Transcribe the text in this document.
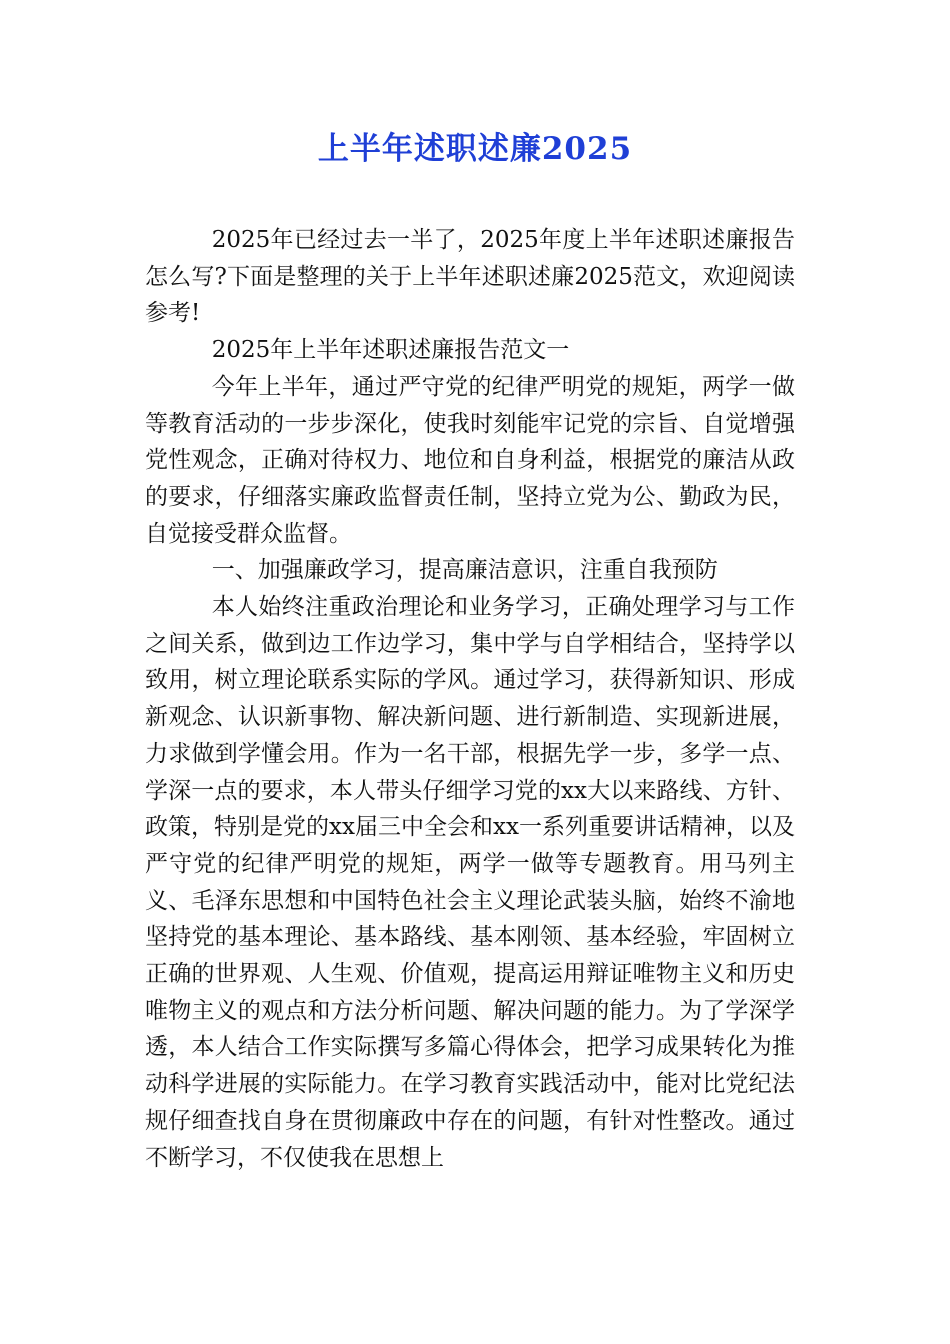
上半年述职述廉2025

2025年已经过去一半了，2025年度上半年述职述廉报告怎么写?下面是整理的关于上半年述职述廉2025范文，欢迎阅读参考!

2025年上半年述职述廉报告范文一

今年上半年，通过严守党的纪律严明党的规矩，两学一做等教育活动的一步步深化，使我时刻能牢记党的宗旨、自觉增强党性观念，正确对待权力、地位和自身利益，根据党的廉洁从政的要求，仔细落实廉政监督责任制，坚持立党为公、勤政为民，自觉接受群众监督。

一、加强廉政学习，提高廉洁意识，注重自我预防

本人始终注重政治理论和业务学习，正确处理学习与工作之间关系，做到边工作边学习，集中学与自学相结合，坚持学以致用，树立理论联系实际的学风。通过学习，获得新知识、形成新观念、认识新事物、解决新问题、进行新制造、实现新进展，力求做到学懂会用。作为一名干部，根据先学一步，多学一点、学深一点的要求，本人带头仔细学习党的xx大以来路线、方针、政策，特别是党的xx届三中全会和xx一系列重要讲话精神，以及严守党的纪律严明党的规矩，两学一做等专题教育。用马列主义、毛泽东思想和中国特色社会主义理论武装头脑，始终不渝地坚持党的基本理论、基本路线、基本刚领、基本经验，牢固树立正确的世界观、人生观、价值观，提高运用辩证唯物主义和历史唯物主义的观点和方法分析问题、解决问题的能力。为了学深学透，本人结合工作实际撰写多篇心得体会，把学习成果转化为推动科学进展的实际能力。在学习教育实践活动中，能对比党纪法规仔细查找自身在贯彻廉政中存在的问题，有针对性整改。通过不断学习，不仅使我在思想上
